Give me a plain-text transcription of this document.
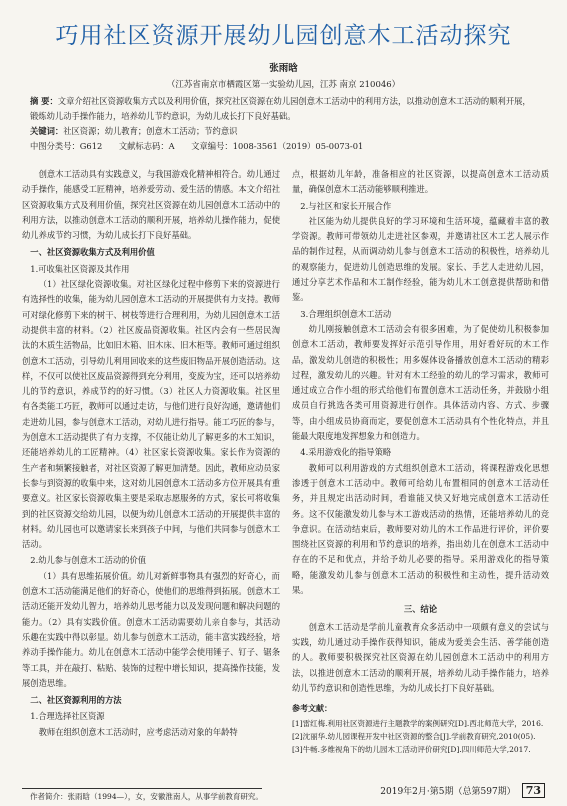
巧用社区资源开展幼儿园创意木工活动探究
张雨晗
（江苏省南京市栖霞区第一实验幼儿园，江苏 南京 210046）
摘 要：文章介绍社区资源收集方式以及利用价值，探究社区资源在幼儿园创意木工活动中的利用方法，以推动创意木工活动的顺利开展，锻炼幼儿动手操作能力，培养幼儿节约意识，为幼儿成长打下良好基础。
关键词：社区资源；幼儿教育；创意木工活动；节约意识
中图分类号：G612　　文献标志码：A　　文章编号：1008-3561（2019）05-0073-01

创意木工活动具有实践意义，与我国游戏化精神相符合。幼儿通过动手操作，能感受工匠精神，培养爱劳动、爱生活的情感。本文介绍社区资源收集方式及利用价值，探究社区资源在幼儿园创意木工活动中的利用方法，以推动创意木工活动的顺利开展，培养幼儿操作能力，促使幼儿养成节约习惯，为幼儿成长打下良好基础。

一、社区资源收集方式及利用价值

1.可收集社区资源及其作用

（1）社区绿化资源收集。对社区绿化过程中修剪下来的资源进行有选择性的收集，能为幼儿园创意木工活动的开展提供有力支持。教师可对绿化修剪下来的树干、树枝等进行合理利用，为幼儿园创意木工活动提供丰富的材料。（2）社区废品资源收集。社区内会有一些居民淘汰的木质生活物品，比如旧木箱、旧木床、旧木柜等。教师可通过组织创意木工活动，引导幼儿利用回收来的这些废旧物品开展创造活动。这样，不仅可以使社区废品资源得到充分利用，变废为宝，还可以培养幼儿的节约意识，养成节约的好习惯。（3）社区人力资源收集。社区里有各类能工巧匠，教师可以通过走访，与他们进行良好沟通，邀请他们走进幼儿园，参与创意木工活动，对幼儿进行指导。能工巧匠的参与，为创意木工活动提供了有力支撑，不仅能让幼儿了解更多的木工知识，还能培养幼儿的工匠精神。（4）社区家长资源收集。家长作为资源的生产者和频繁接触者，对社区资源了解更加清楚。因此，教师应动员家长参与到资源的收集中来，这对幼儿园创意木工活动多方位开展具有重要意义。社区家长资源收集主要是采取志愿服务的方式，家长可将收集到的社区资源交给幼儿园，以便为幼儿创意木工活动的开展提供丰富的材料。幼儿园也可以邀请家长来到孩子中间，与他们共同参与创意木工活动。

2.幼儿参与创意木工活动的价值

（1）具有思维拓展价值。幼儿对新鲜事物具有强烈的好奇心，而创意木工活动能满足他们的好奇心，使他们的思维得到拓展。创意木工活动还能开发幼儿智力，培养幼儿思考能力以及发现问题和解决问题的能力。（2）具有实践价值。创意木工活动需要幼儿亲自参与，其活动乐趣在实践中得以彰显。幼儿参与创意木工活动，能丰富实践经验，培养动手操作能力。幼儿在创意木工活动中能学会使用锤子、钉子、锯条等工具，并在敲打、粘贴、装饰的过程中增长知识，提高操作技能，发展创造思维。

二、社区资源利用的方法

1.合理选择社区资源

教师在组织创意木工活动时，应考虑活动对象的年龄特

点，根据幼儿年龄，准备相应的社区资源，以提高创意木工活动质量，确保创意木工活动能够顺利推进。

2.与社区和家长开展合作

社区能为幼儿提供良好的学习环境和生活环境，蕴藏着丰富的教学资源。教师可带领幼儿走进社区参观，并邀请社区木工艺人展示作品的制作过程，从而调动幼儿参与创意木工活动的积极性，培养幼儿的观察能力，促进幼儿创造思维的发展。家长、手艺人走进幼儿园，通过分享艺术作品和木工制作经验，能为幼儿木工创意提供帮助和借鉴。

3.合理组织创意木工活动

幼儿刚接触创意木工活动会有很多困难，为了促使幼儿积极参加创意木工活动，教师要发挥好示范引导作用，用好看好玩的木工作品，激发幼儿创造的积极性；用多媒体设备播放创意木工活动的精彩过程，激发幼儿的兴趣。针对有木工经验的幼儿的学习需求，教师可通过成立合作小组的形式给他们布置创意木工活动任务，并鼓励小组成员自行挑选各类可用资源进行创作。具体活动内容、方式、步骤等，由小组成员协商而定，要促创意木工活动具有个性化特点，并且能最大限度地发挥想象力和创造力。

4.采用游戏化的指导策略

教师可以利用游戏的方式组织创意木工活动，将课程游戏化思想渗透于创意木工活动中。教师可给幼儿布置相同的创意木工活动任务，并且规定出活动时间，看谁能又快又好地完成创意木工活动任务。这不仅能激发幼儿参与木工游戏活动的热情，还能培养幼儿的竞争意识。在活动结束后，教师要对幼儿的木工作品进行评价，评价要围绕社区资源的利用和节约意识的培养，指出幼儿在创意木工活动中存在的不足和优点，并给予幼儿必要的指导。采用游戏化的指导策略，能激发幼儿参与创意木工活动的积极性和主动性，提升活动效果。

三、结论

创意木工活动是学前儿童教育众多活动中一项颇有意义的尝试与实践，幼儿通过动手操作获得知识，能成为爱美会生活、善学能创造的人。教师要积极探究社区资源在幼儿园创意木工活动中的利用方法，以推进创意木工活动的顺利开展，培养幼儿动手操作能力，培养幼儿节约意识和创造性思维，为幼儿成长打下良好基础。

参考文献：
[1]雷红梅.利用社区资源进行主题教学的案例研究[D].西北师范大学，2016.
[2]沈丽华.幼儿园课程开发中社区资源的整合[J].学前教育研究,2010(05).
[3]牛畅.多维视角下的幼儿园木工活动评价研究[D].四川师范大学,2017.
作者简介：张雨晗（1994—），女，安徽淮南人，从事学前教育研究。	2019年2月·第5期（总第597期） 73
